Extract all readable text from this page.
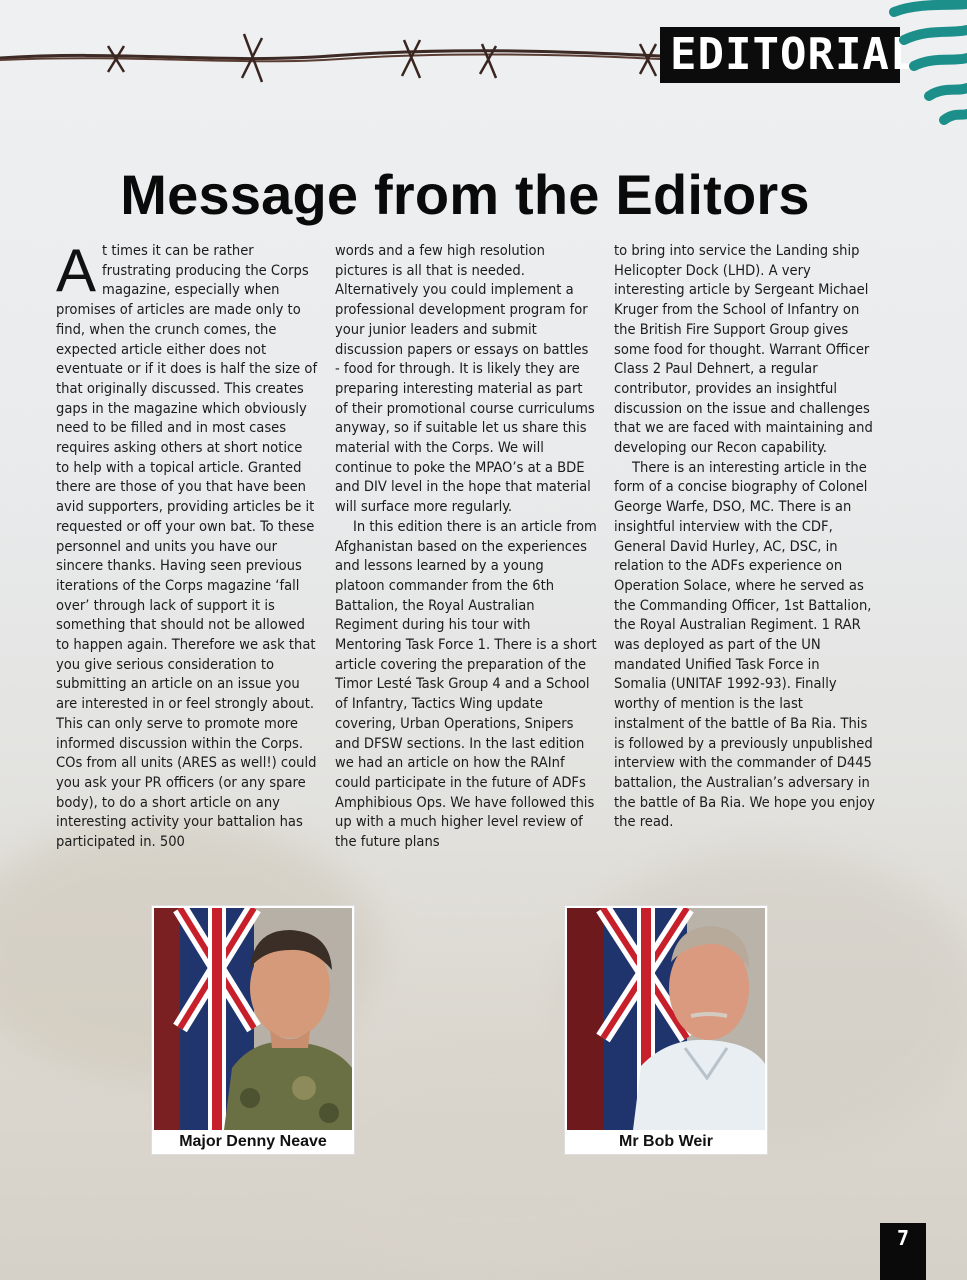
EDITORIAL
Message from the Editors

At times it can be rather frustrating producing the Corps magazine, especially when promises of articles are made only to find, when the crunch comes, the expected article either does not eventuate or if it does is half the size of that originally discussed. This creates gaps in the magazine which obviously need to be filled and in most cases requires asking others at short notice to help with a topical article. Granted there are those of you that have been avid supporters, providing articles be it requested or off your own bat. To these personnel and units you have our sincere thanks. Having seen previous iterations of the Corps magazine ‘fall over’ through lack of support it is something that should not be allowed to happen again. Therefore we ask that you give serious consideration to submitting an article on an issue you are interested in or feel strongly about. This can only serve to promote more informed discussion within the Corps. COs from all units (ARES as well!) could you ask your PR officers (or any spare body), to do a short article on any interesting activity your battalion has participated in. 500

words and a few high resolution pictures is all that is needed. Alternatively you could implement a professional development program for your junior leaders and submit discussion papers or essays on battles - food for through. It is likely they are preparing interesting material as part of their promotional course curriculums anyway, so if suitable let us share this material with the Corps. We will continue to poke the MPAO’s at a BDE and DIV level in the hope that material will surface more regularly.

In this edition there is an article from Afghanistan based on the experiences and lessons learned by a young platoon commander from the 6th Battalion, the Royal Australian Regiment during his tour with Mentoring Task Force 1. There is a short article covering the preparation of the Timor Lesté Task Group 4 and a School of Infantry, Tactics Wing update covering, Urban Operations, Snipers and DFSW sections. In the last edition we had an article on how the RAInf could participate in the future of ADFs Amphibious Ops. We have followed this up with a much higher level review of the future plans

to bring into service the Landing ship Helicopter Dock (LHD). A very interesting article by Sergeant Michael Kruger from the School of Infantry on the British Fire Support Group gives some food for thought. Warrant Officer Class 2 Paul Dehnert, a regular contributor, provides an insightful discussion on the issue and challenges that we are faced with maintaining and developing our Recon capability.

There is an interesting article in the form of a concise biography of Colonel George Warfe, DSO, MC. There is an insightful interview with the CDF, General David Hurley, AC, DSC, in relation to the ADFs experience on Operation Solace, where he served as the Commanding Officer, 1st Battalion, the Royal Australian Regiment. 1 RAR was deployed as part of the UN mandated Unified Task Force in Somalia (UNITAF 1992-93). Finally worthy of mention is the last instalment of the battle of Ba Ria. This is followed by a previously unpublished interview with the commander of D445 battalion, the Australian’s adversary in the battle of Ba Ria. We hope you enjoy the read.

Major Denny Neave	Mr Bob Weir
7
